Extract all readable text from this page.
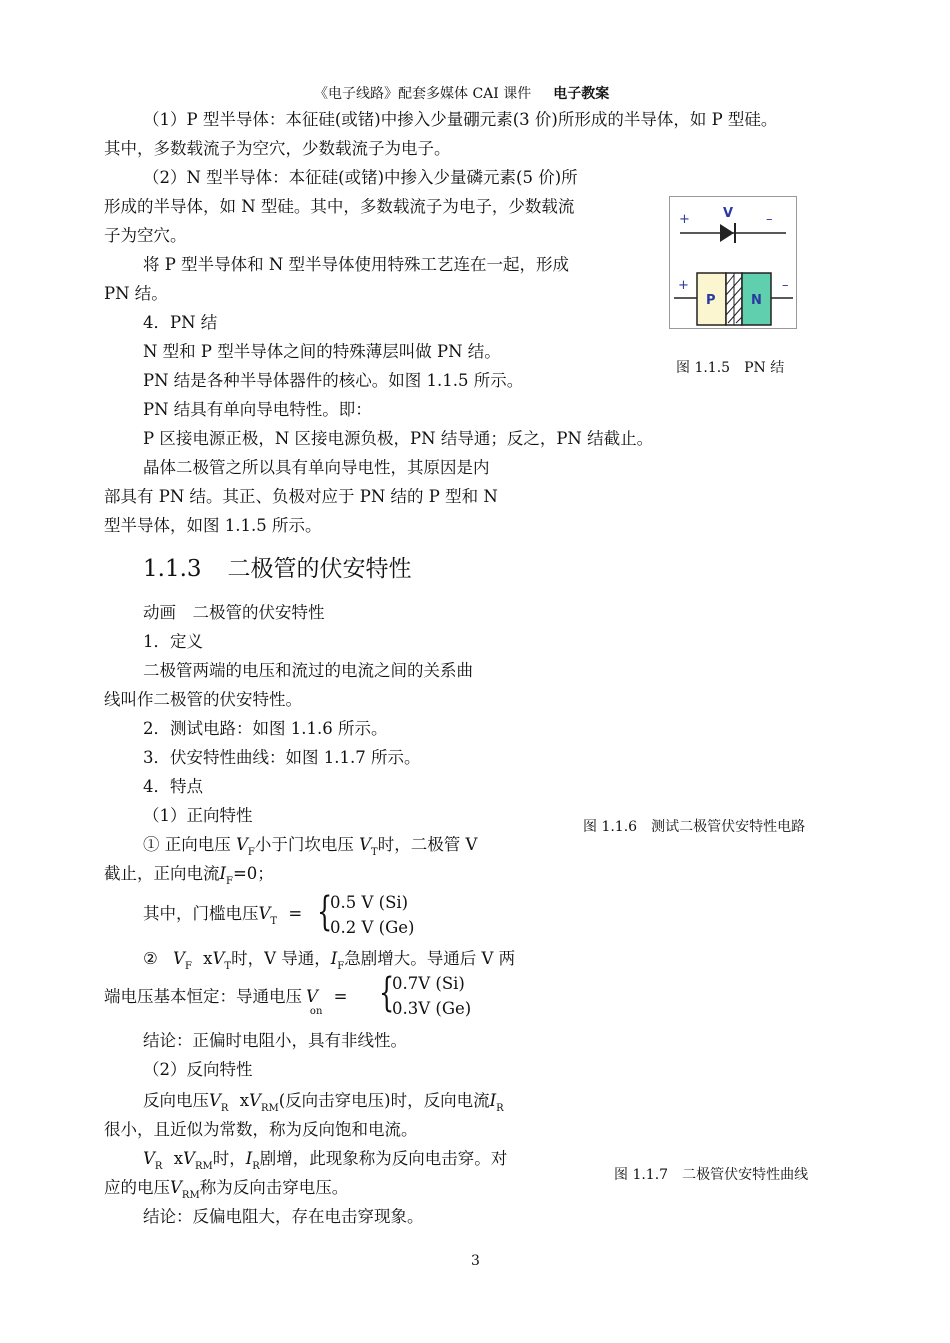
《电子线路》配套多媒体 CAI 课件 电子教案
（1）P 型半导体：本征硅(或锗)中掺入少量硼元素(3 价)所形成的半导体，如 P 型硅。
其中，多数载流子为空穴，少数载流子为电子。
（2）N 型半导体：本征硅(或锗)中掺入少量磷元素(5 价)所
形成的半导体，如 N 型硅。其中，多数载流子为电子，少数载流
子为空穴。
将 P 型半导体和 N 型半导体使用特殊工艺连在一起，形成
PN 结。
4．PN 结
N 型和 P 型半导体之间的特殊薄层叫做 PN 结。
PN 结是各种半导体器件的核心。如图 1.1.5 所示。
PN 结具有单向导电特性。即：
P 区接电源正极，N 区接电源负极，PN 结导通；反之，PN 结截止。
晶体二极管之所以具有单向导电性，其原因是内
部具有 PN 结。其正、负极对应于 PN 结的 P 型和 N
型半导体，如图 1.1.5 所示。
+	V	–
+	–
P	N
图 1.1.5　PN 结
1.1.3 二极管的伏安特性
动画　二极管的伏安特性
1．定义
二极管两端的电压和流过的电流之间的关系曲
线叫作二极管的伏安特性。
2．测试电路：如图 1.1.6 所示。
3．伏安特性曲线：如图 1.1.7 所示。
4．特点
（1）正向特性
① 正向电压 $V_F$小于门坎电压 $V_T$时，二极管 V
截止，正向电流$I_F=0$；
其中，门槛电压$V_T$ = {
0.5 V (Si)
0.2 V (Ge)
② $V_F$ $ⅹV_T$时，V 导通，$I_F$急剧增大。导通后 V 两
端电压基本恒定：导通电压 $V_{on}$ = {
0.7V (Si)
0.3V (Ge)
结论：正偏时电阻小，具有非线性。
（2）反向特性
反向电压$V_R$ $ⅹV_{RM}$(反向击穿电压)时，反向电流$I_R$
很小，且近似为常数，称为反向饱和电流。
$V_R$ $ⅹV_{RM}$时，$I_R$剧增，此现象称为反向电击穿。对
应的电压$V_{RM}$称为反向击穿电压。
结论：反偏电阻大，存在电击穿现象。
图 1.1.6　测试二极管伏安特性电路
图 1.1.7　二极管伏安特性曲线
3
